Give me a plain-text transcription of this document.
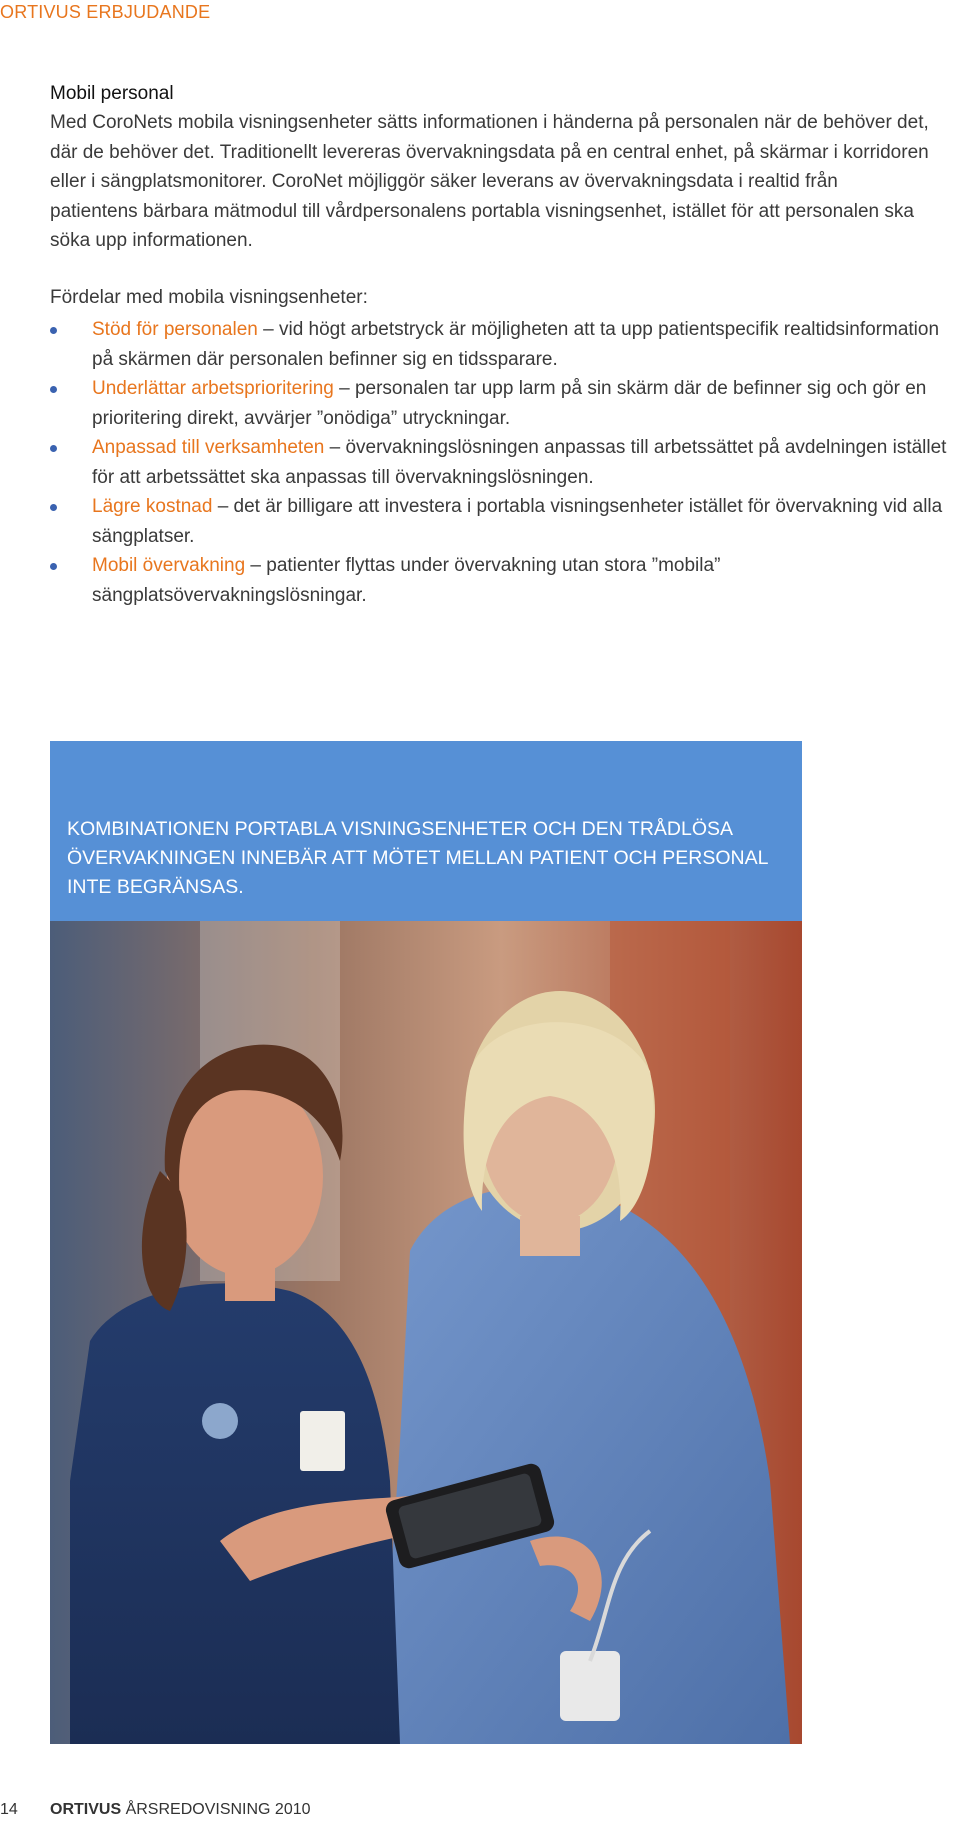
ORTIVUS ERBJUDANDE
Mobil personal

Med CoroNets mobila visningsenheter sätts informationen i händerna på personalen när de behöver det, där de behöver det. Traditionellt levereras övervakningsdata på en central enhet, på skärmar i korridoren eller i sängplatsmonitorer. CoroNet möjliggör säker leverans av övervakningsdata i realtid från patientens bärbara mätmodul till vårdpersonalens portabla visningsenhet, istället för att personalen ska söka upp informationen.

Fördelar med mobila visningsenheter:
Stöd för personalen – vid högt arbetstryck är möjligheten att ta upp patientspecifik realtidsinformation på skärmen där personalen befinner sig en tidssparare.
Underlättar arbetsprioritering – personalen tar upp larm på sin skärm där de befinner sig och gör en prioritering direkt, avvärjer ”onödiga” utryckningar.
Anpassad till verksamheten – övervakningslösningen anpassas till arbetssättet på avdelningen istället för att arbetssättet ska anpassas till övervakningslösningen.
Lägre kostnad – det är billigare att investera i portabla visningsenheter istället för övervakning vid alla sängplatser.
Mobil övervakning – patienter flyttas under övervakning utan stora ”mobila” sängplatsövervakningslösningar.
KOMBINATIONEN PORTABLA VISNINGSENHETER OCH DEN TRÅDLÖSA ÖVERVAKNINGEN INNEBÄR ATT MÖTET MELLAN PATIENT OCH PERSONAL INTE BEGRÄNSAS.
14 ORTIVUS ÅRSREDOVISNING 2010
